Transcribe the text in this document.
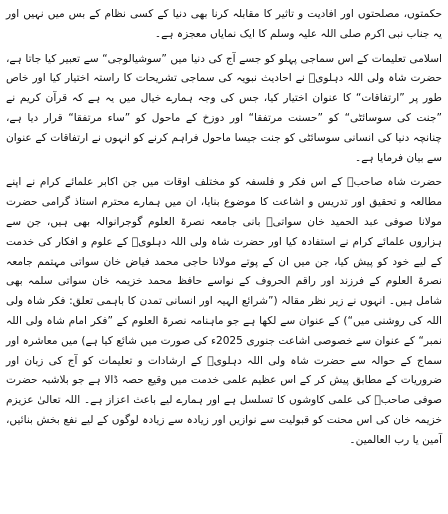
حکمتوں، مصلحتوں اور افادیت و تاثیر کا مقابلہ کرنا بھی دنیا کے کسی نظام کے بس میں نہیں اور یہ جناب نبی اکرم صلی اللہ علیہ وسلم کا ایک نمایاں معجزہ ہے۔

اسلامی تعلیمات کے اس سماجی پہلو کو جسے آج کی دنیا میں ”سوشیالوجی“ سے تعبیر کیا جاتا ہے، حضرت شاہ ولی اللہ دہلویؒ نے احادیث نبویہ کی سماجی تشریحات کا راستہ اختیار کیا اور خاص طور پر ”ارتفاقات“ کا عنوان اختیار کیا، جس کی وجہ ہمارے خیال میں یہ ہے کہ قرآن کریم نے ”جنت کی سوسائٹی“ کو ”حسنت مرتفقا“ اور دوزخ کے ماحول کو ”ساء مرتفقا“ قرار دیا ہے، چنانچہ دنیا کی انسانی سوسائٹی کو جنت جیسا ماحول فراہم کرنے کو انہوں نے ارتفاقات کے عنوان سے بیان فرمایا ہے۔

حضرت شاہ صاحبؒ کے اس فکر و فلسفہ کو مختلف اوقات میں جن اکابر علمائے کرام نے اپنے مطالعہ و تحقیق اور تدریس و اشاعت کا موضوع بنایا، ان میں ہمارے محترم استاذ گرامی حضرت مولانا صوفی عبد الحمید خان سواتیؒ بانی جامعہ نصرۃ العلوم گوجرانوالہ بھی ہیں، جن سے ہزاروں علمائے کرام نے استفادہ کیا اور حضرت شاہ ولی اللہ دہلویؒ کے علوم و افکار کی خدمت کے لیے خود کو پیش کیا، جن میں ان کے پوتے مولانا حاجی محمد فیاض خان سواتی مہتمم جامعہ نصرۃ العلوم کے فرزند اور راقم الحروف کے نواسے حافظ محمد خزیمہ خان سواتی سلمہ بھی شامل ہیں۔ انہوں نے زیر نظر مقالہ (”شرائع الہیہ اور انسانی تمدن کا باہمی تعلق: فکر شاہ ولی اللہ کی روشنی میں“) کے عنوان سے لکھا ہے جو ماہنامہ نصرۃ العلوم کے ”فکر امام شاہ ولی اللہ نمبر“ کے عنوان سے خصوصی اشاعت جنوری 2025ء کی صورت میں شائع کیا ہے) میں معاشرہ اور سماج کے حوالہ سے حضرت شاہ ولی اللہ دہلویؒ کے ارشادات و تعلیمات کو آج کی زبان اور ضروریات کے مطابق پیش کر کے اس عظیم علمی خدمت میں وقیع حصہ ڈالا ہے جو بلاشبہ حضرت صوفی صاحبؒ کی علمی کاوشوں کا تسلسل ہے اور ہمارے لیے باعث اعزاز ہے۔ اللہ تعالیٰ عزیزم خزیمہ خان کی اس محنت کو قبولیت سے نوازیں اور زیادہ سے زیادہ لوگوں کے لیے نفع بخش بنائیں، آمین یا رب العالمین۔
